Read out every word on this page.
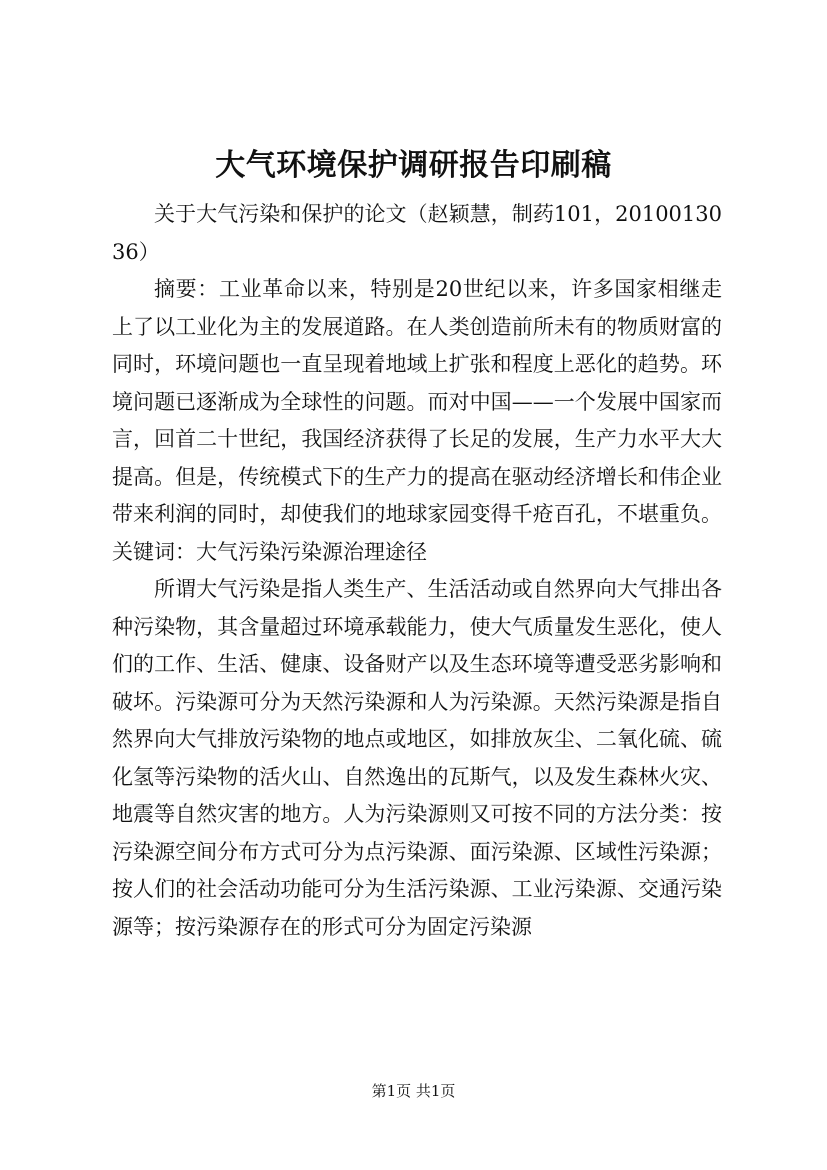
大气环境保护调研报告印刷稿

关于大气污染和保护的论文（赵颖慧，制药101，2010013036）

摘要：工业革命以来，特别是20世纪以来，许多国家相继走上了以工业化为主的发展道路。在人类创造前所未有的物质财富的同时，环境问题也一直呈现着地域上扩张和程度上恶化的趋势。环境问题已逐渐成为全球性的问题。而对中国——一个发展中国家而言，回首二十世纪，我国经济获得了长足的发展，生产力水平大大提高。但是，传统模式下的生产力的提高在驱动经济增长和伟企业带来利润的同时，却使我们的地球家园变得千疮百孔，不堪重负。关键词：大气污染污染源治理途径

所谓大气污染是指人类生产、生活活动或自然界向大气排出各种污染物，其含量超过环境承载能力，使大气质量发生恶化，使人们的工作、生活、健康、设备财产以及生态环境等遭受恶劣影响和破坏。污染源可分为天然污染源和人为污染源。天然污染源是指自然界向大气排放污染物的地点或地区，如排放灰尘、二氧化硫、硫化氢等污染物的活火山、自然逸出的瓦斯气，以及发生森林火灾、地震等自然灾害的地方。人为污染源则又可按不同的方法分类：按污染源空间分布方式可分为点污染源、面污染源、区域性污染源；按人们的社会活动功能可分为生活污染源、工业污染源、交通污染源等；按污染源存在的形式可分为固定污染源

第1页 共1页
